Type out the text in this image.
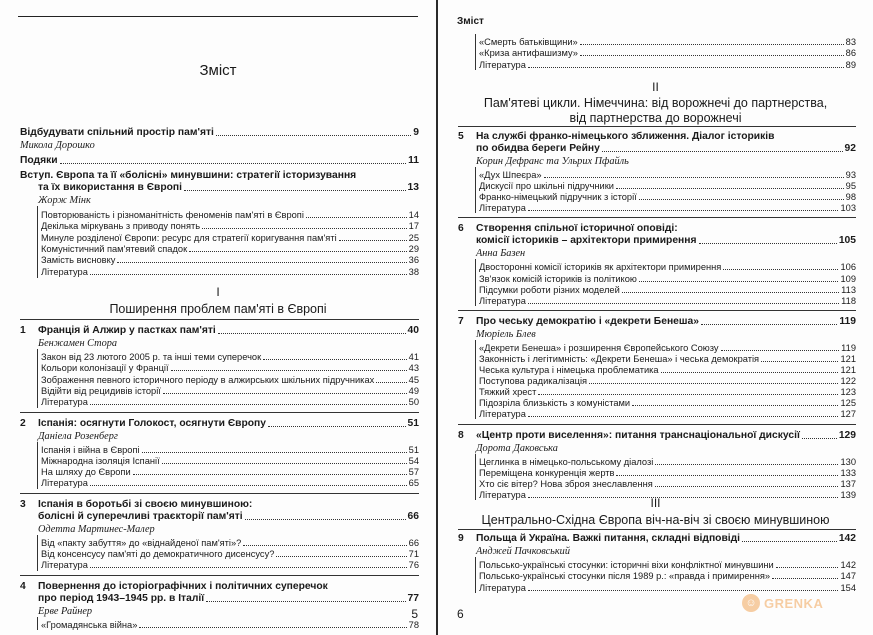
Зміст
Відбудувати спільний простір пам'яті	9
Микола Дорошко
Подяки	11
Вступ. Європа та її «болісні» минувшини: стратегії історизування
та їх використання в Європі	13
Жорж Мінк
Повторюваність і різноманітність феноменів пам'яті в Європі	14
Декілька міркувань з приводу понять	17
Минуле розділеної Європи: ресурс для стратегії коригування пам'яті	25
Комуністичний пам'ятевий спадок	29
Замість висновку	36
Література	38
I
Поширення проблем пам'яті в Європі
1 Франція й Алжир у пастках пам'яті	40
Бенжамен Стора
Закон від 23 лютого 2005 р. та інші теми суперечок	41
Кольори колонізації у Франції	43
Зображення певного історичного періоду в алжирських шкільних підручниках	45
Відійти від рецидивів історії	49
Література	50
2 Іспанія: осягнути Голокост, осягнути Європу	51
Даніела Розенберг
Іспанія і війна в Європі	51
Міжнародна ізоляція Іспанії	54
На шляху до Європи	57
Література	65
3 Іспанія в боротьбі зі своєю минувшиною:
болісні й суперечливі траєкторії пам'яті	66
Одетта Мартинес-Малер
Від «пакту забуття» до «віднайденої пам'яті»?	66
Від консенсусу пам'яті до демократичного дисенсусу?	71
Література	76
4 Повернення до історіографічних і політичних суперечок
про період 1943–1945 рр. в Італії	77
Ерве Райнер
«Громадянська війна»	78
5
Зміст
«Смерть батьківщини»	83
«Криза антифашизму»	86
Література	89
II
Пам'ятеві цикли. Німеччина: від ворожнечі до партнерства,
від партнерства до ворожнечі
5 На службі франко-німецького зближення. Діалог істориків
по обидва береги Рейну	92
Корин Дефранс та Ульрих Пфайль
«Дух Шпеєра»	93
Дискусії про шкільні підручники	95
Франко-німецький підручник з історії	98
Література	103
6 Створення спільної історичної оповіді:
комісії істориків – архітектори примирення	105
Анна Базен
Двосторонні комісії істориків як архітектори примирення	106
Зв'язок комісій істориків із політикою	109
Підсумки роботи різних моделей	113
Література	118
7 Про чеську демократію і «декрети Бенеша»	119
Мюріель Блев
«Декрети Бенеша» і розширення Європейського Союзу	119
Законність і легітимність: «Декрети Бенеша» і чеська демократія	121
Чеська культура і німецька проблематика	121
Поступова радикалізація	122
Тяжкий хрест	123
Підозріла близькість з комуністами	125
Література	127
8 «Центр проти виселення»: питання транснаціональної дискусії	129
Дорота Даковська
Цеглинка в німецько-польському діалозі	130
Переміщена конкуренція жертв	133
Хто сіє вітер? Нова зброя знеславлення	137
Література	139
III
Центрально-Східна Європа віч-на-віч зі своєю минувшиною
9 Польща й Україна. Важкі питання, складні відповіді	142
Анджей Пачковський
Польсько-українські стосунки: історичні віхи конфліктної минувшини	142
Польсько-українські стосунки після 1989 р.: «правда і примирення»	147
Література	154
6
☺ GRENKA
